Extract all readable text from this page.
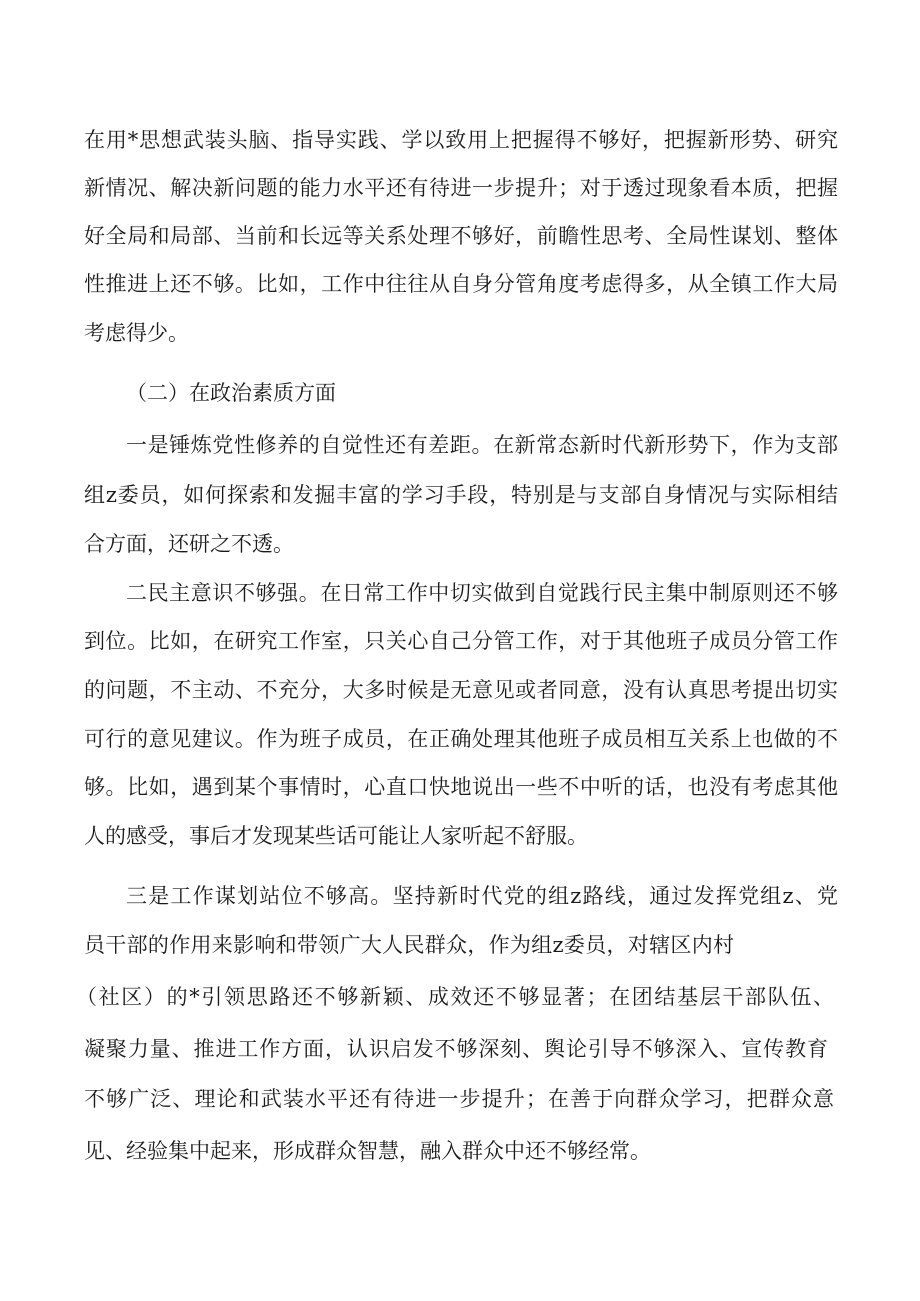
在用*思想武装头脑、指导实践、学以致用上把握得不够好，把握新形势、研究
新情况、解决新问题的能力水平还有待进一步提升；对于透过现象看本质，把握
好全局和局部、当前和长远等关系处理不够好，前瞻性思考、全局性谋划、整体
性推进上还不够。比如，工作中往往从自身分管角度考虑得多，从全镇工作大局
考虑得少。
（二）在政治素质方面
一是锤炼党性修养的自觉性还有差距。在新常态新时代新形势下，作为支部
组z委员，如何探索和发掘丰富的学习手段，特别是与支部自身情况与实际相结
合方面，还研之不透。
二民主意识不够强。在日常工作中切实做到自觉践行民主集中制原则还不够
到位。比如，在研究工作室，只关心自己分管工作，对于其他班子成员分管工作
的问题，不主动、不充分，大多时候是无意见或者同意，没有认真思考提出切实
可行的意见建议。作为班子成员，在正确处理其他班子成员相互关系上也做的不
够。比如，遇到某个事情时，心直口快地说出一些不中听的话，也没有考虑其他
人的感受，事后才发现某些话可能让人家听起不舒服。
三是工作谋划站位不够高。坚持新时代党的组z路线，通过发挥党组z、党
员干部的作用来影响和带领广大人民群众，作为组z委员，对辖区内村
（社区）的*引领思路还不够新颖、成效还不够显著；在团结基层干部队伍、
凝聚力量、推进工作方面，认识启发不够深刻、舆论引导不够深入、宣传教育
不够广泛、理论和武装水平还有待进一步提升；在善于向群众学习，把群众意
见、经验集中起来，形成群众智慧，融入群众中还不够经常。
